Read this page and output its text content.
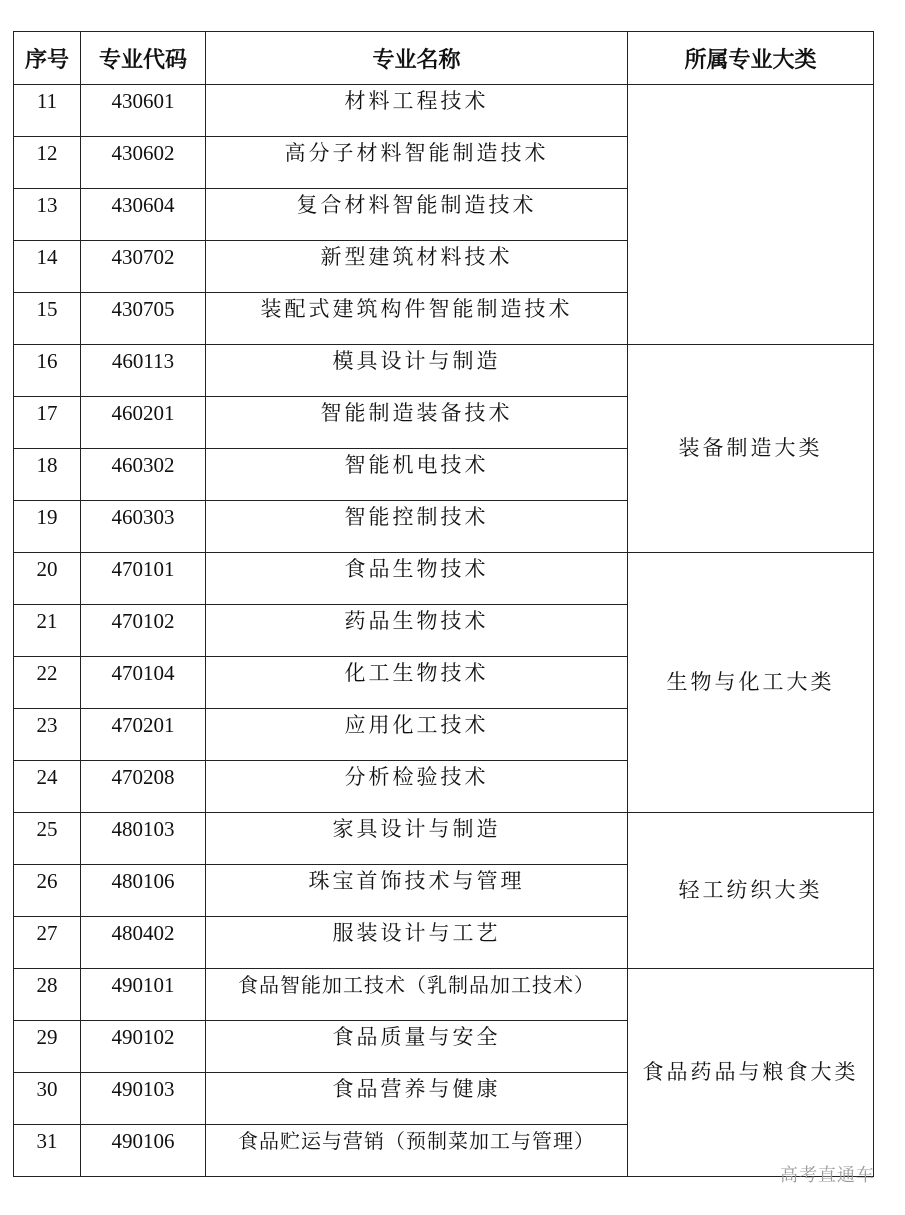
序号	专业代码	专业名称	所属专业大类
11	430601	材料工程技术	
12	430602	高分子材料智能制造技术	
13	430604	复合材料智能制造技术	
14	430702	新型建筑材料技术	
15	430705	装配式建筑构件智能制造技术	
16	460113	模具设计与制造	装备制造大类
17	460201	智能制造装备技术	
18	460302	智能机电技术	
19	460303	智能控制技术	
20	470101	食品生物技术	生物与化工大类
21	470102	药品生物技术	
22	470104	化工生物技术	
23	470201	应用化工技术	
24	470208	分析检验技术	
25	480103	家具设计与制造	轻工纺织大类
26	480106	珠宝首饰技术与管理	
27	480402	服装设计与工艺	
28	490101	食品智能加工技术（乳制品加工技术）	食品药品与粮食大类
29	490102	食品质量与安全	
30	490103	食品营养与健康	
31	490106	食品贮运与营销（预制菜加工与管理）	
高考直通车
